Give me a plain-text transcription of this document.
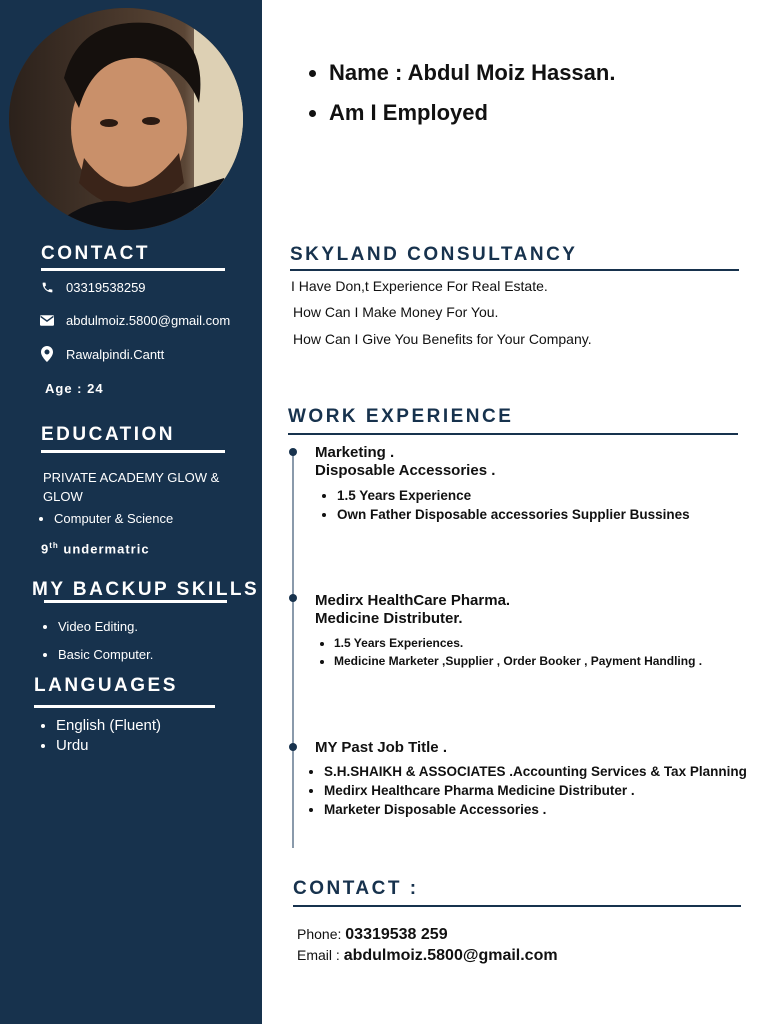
CONTACT
03319538259
abdulmoiz.5800@gmail.com
Rawalpindi.Cantt
Age : 24
EDUCATION
PRIVATE ACADEMY GLOW & GLOW
• Computer & Science
9th undermatric
MY BACKUP SKILLS
• Video Editing.
• Basic Computer.
LANGUAGES
• English (Fluent)
• Urdu
• Name : Abdul Moiz Hassan.
• Am I Employed
SKYLAND CONSULTANCY
I Have Don,t Experience For Real Estate.
How Can I Make Money For You.
How Can I Give You Benefits for Your Company.
WORK EXPERIENCE
Marketing .
Disposable Accessories .
• 1.5 Years Experience
• Own Father Disposable accessories Supplier Bussines
Medirx HealthCare Pharma.
Medicine Distributer.
• 1.5 Years Experiences.
• Medicine Marketer ,Supplier , Order Booker , Payment Handling .
MY Past Job Title .
• S.H.SHAIKH & ASSOCIATES .Accounting Services & Tax Planning
• Medirx Healthcare Pharma Medicine Distributer .
• Marketer Disposable Accessories .
CONTACT :
Phone: 03319538 259
Email : abdulmoiz.5800@gmail.com
